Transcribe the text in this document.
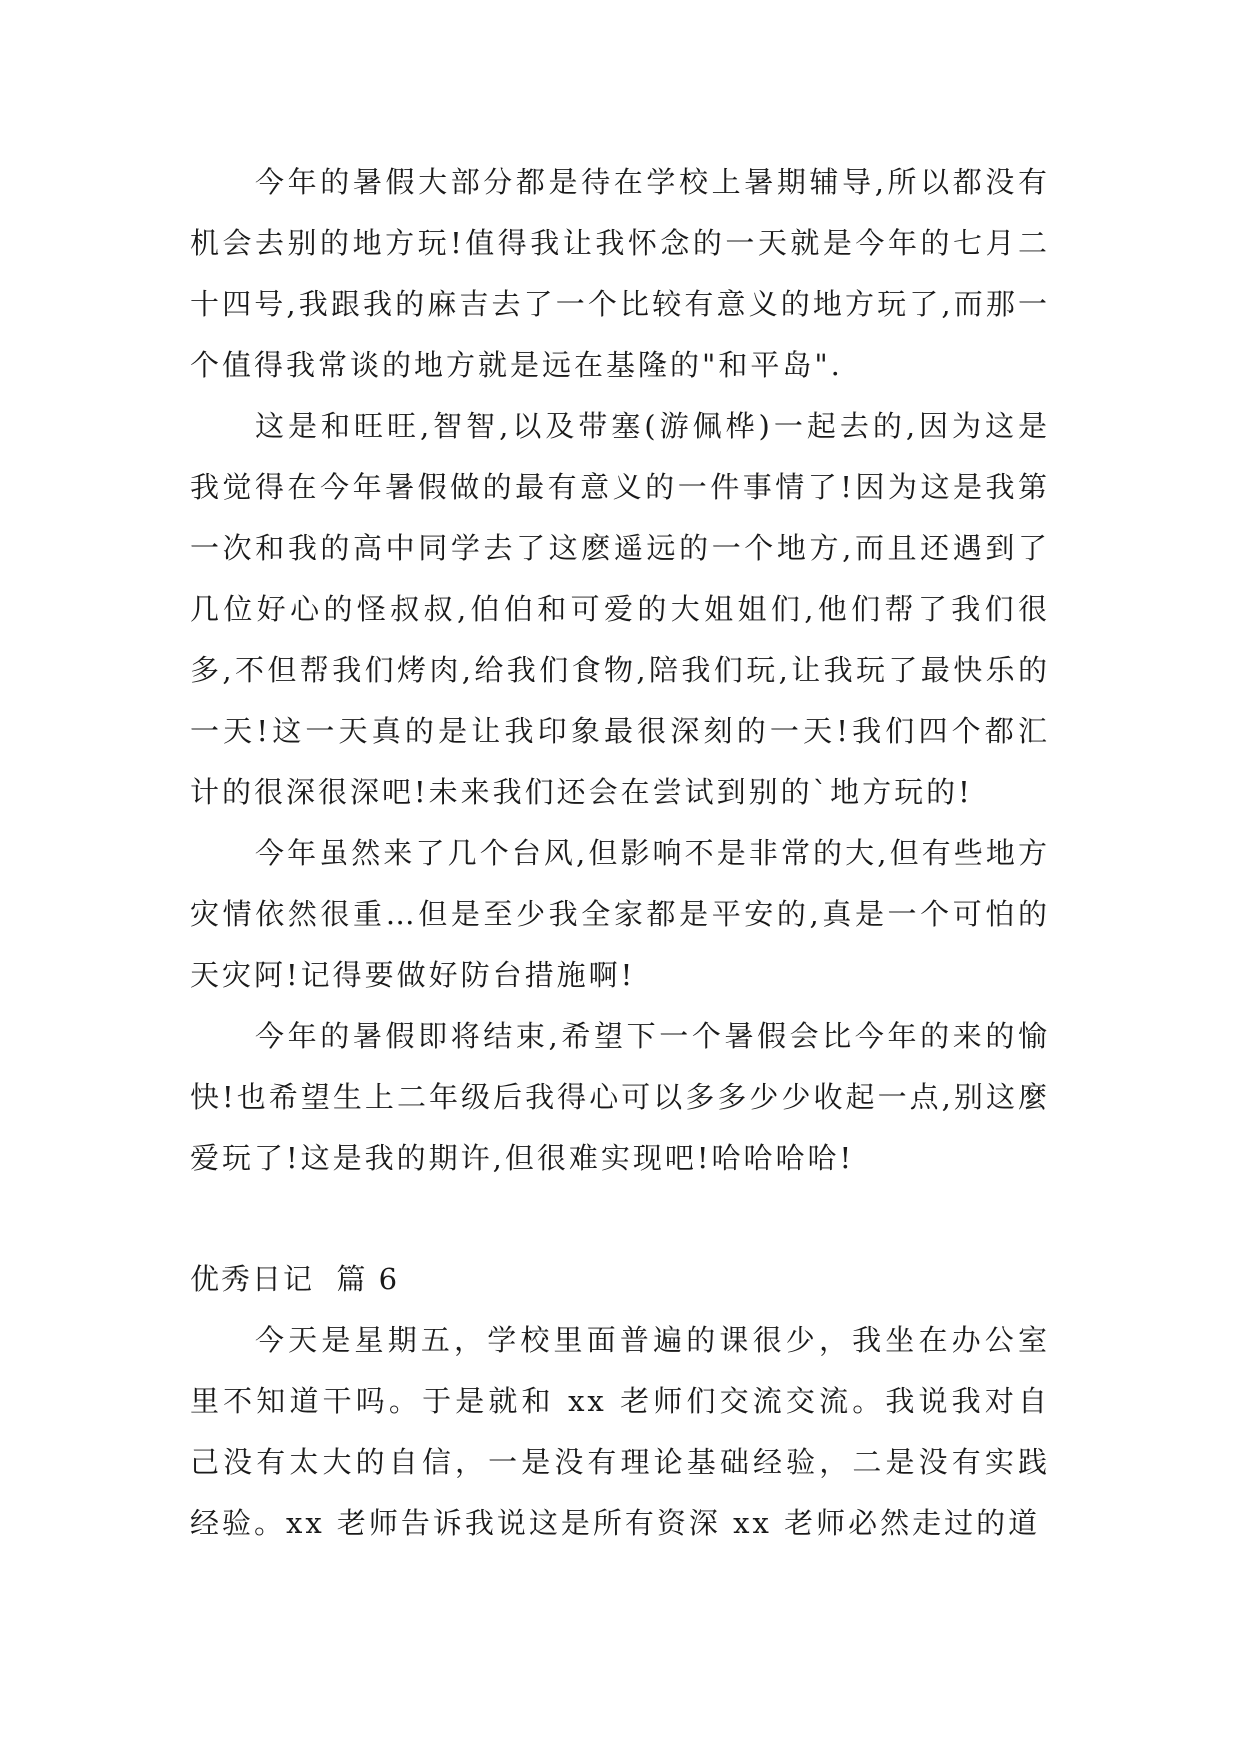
今年的暑假大部分都是待在学校上暑期辅导,所以都没有机会去别的地方玩!值得我让我怀念的一天就是今年的七月二十四号,我跟我的麻吉去了一个比较有意义的地方玩了,而那一个值得我常谈的地方就是远在基隆的"和平岛".

这是和旺旺,智智,以及带塞(游佩桦)一起去的,因为这是我觉得在今年暑假做的最有意义的一件事情了!因为这是我第一次和我的高中同学去了这麽遥远的一个地方,而且还遇到了几位好心的怪叔叔,伯伯和可爱的大姐姐们,他们帮了我们很多,不但帮我们烤肉,给我们食物,陪我们玩,让我玩了最快乐的一天!这一天真的是让我印象最很深刻的一天!我们四个都汇计的很深很深吧!未来我们还会在尝试到别的`地方玩的!

今年虽然来了几个台风,但影响不是非常的大,但有些地方灾情依然很重…但是至少我全家都是平安的,真是一个可怕的天灾阿!记得要做好防台措施啊!

今年的暑假即将结束,希望下一个暑假会比今年的来的愉快!也希望生上二年级后我得心可以多多少少收起一点,别这麼爱玩了!这是我的期许,但很难实现吧!哈哈哈哈!

优秀日记  篇 6

今天是星期五，学校里面普遍的课很少，我坐在办公室里不知道干吗。于是就和 xx 老师们交流交流。我说我对自己没有太大的自信，一是没有理论基础经验，二是没有实践经验。xx 老师告诉我说这是所有资深 xx 老师必然走过的道
